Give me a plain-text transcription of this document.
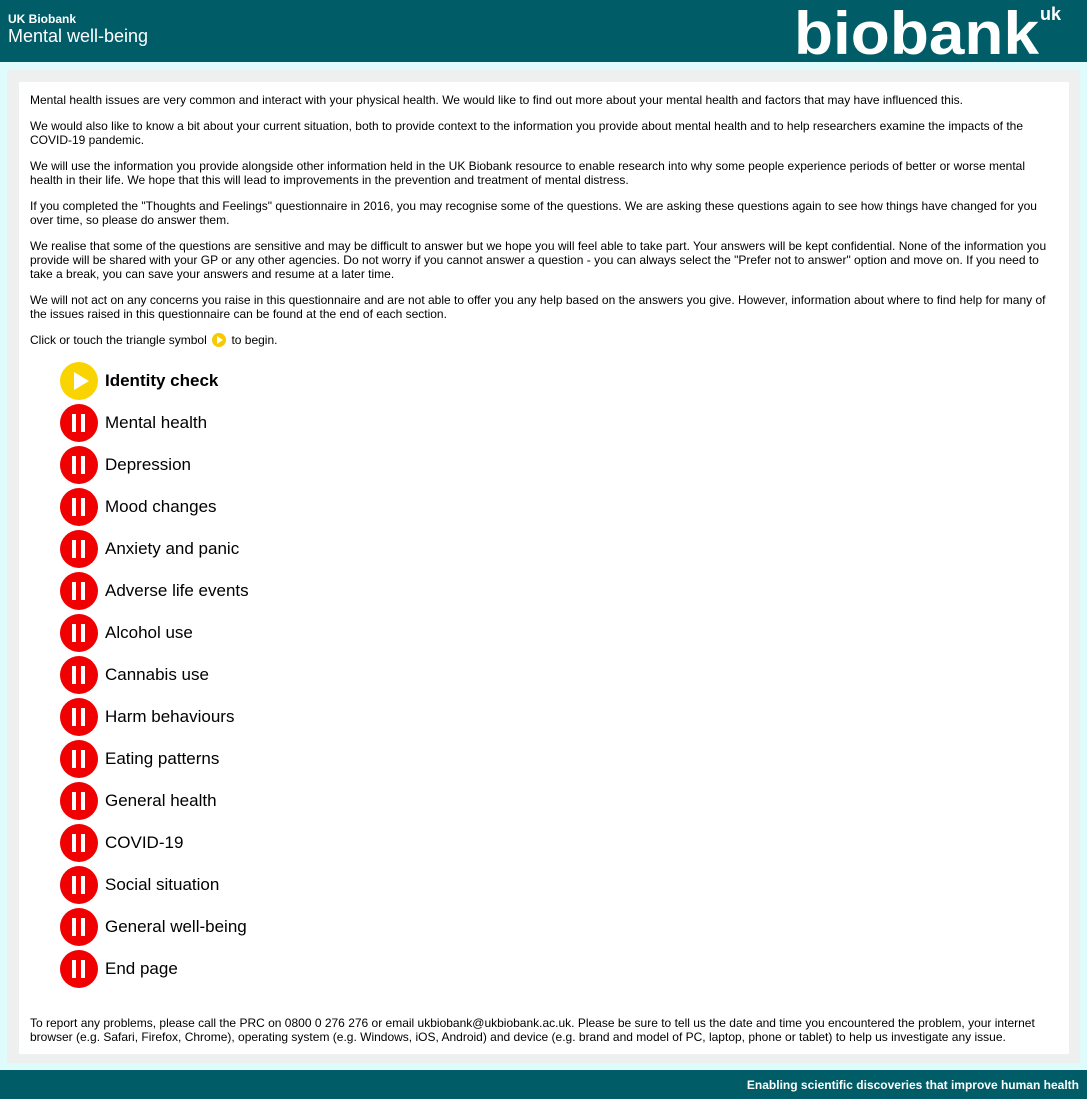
UK Biobank
Mental well-being	biobank uk

Mental health issues are very common and interact with your physical health. We would like to find out more about your mental health and factors that may have influenced this.

We would also like to know a bit about your current situation, both to provide context to the information you provide about mental health and to help researchers examine the impacts of the COVID-19 pandemic.

We will use the information you provide alongside other information held in the UK Biobank resource to enable research into why some people experience periods of better or worse mental health in their life. We hope that this will lead to improvements in the prevention and treatment of mental distress.

If you completed the "Thoughts and Feelings" questionnaire in 2016, you may recognise some of the questions. We are asking these questions again to see how things have changed for you over time, so please do answer them.

We realise that some of the questions are sensitive and may be difficult to answer but we hope you will feel able to take part. Your answers will be kept confidential. None of the information you provide will be shared with your GP or any other agencies. Do not worry if you cannot answer a question - you can always select the "Prefer not to answer" option and move on. If you need to take a break, you can save your answers and resume at a later time.

We will not act on any concerns you raise in this questionnaire and are not able to offer you any help based on the answers you give. However, information about where to find help for many of the issues raised in this questionnaire can be found at the end of each section.

Click or touch the triangle symbol to begin.

Identity check
Mental health
Depression
Mood changes
Anxiety and panic
Adverse life events
Alcohol use
Cannabis use
Harm behaviours
Eating patterns
General health
COVID-19
Social situation
General well-being
End page
To report any problems, please call the PRC on 0800 0 276 276 or email ukbiobank@ukbiobank.ac.uk. Please be sure to tell us the date and time you encountered the problem, your internet browser (e.g. Safari, Firefox, Chrome), operating system (e.g. Windows, iOS, Android) and device (e.g. brand and model of PC, laptop, phone or tablet) to help us investigate any issue.
Enabling scientific discoveries that improve human health
